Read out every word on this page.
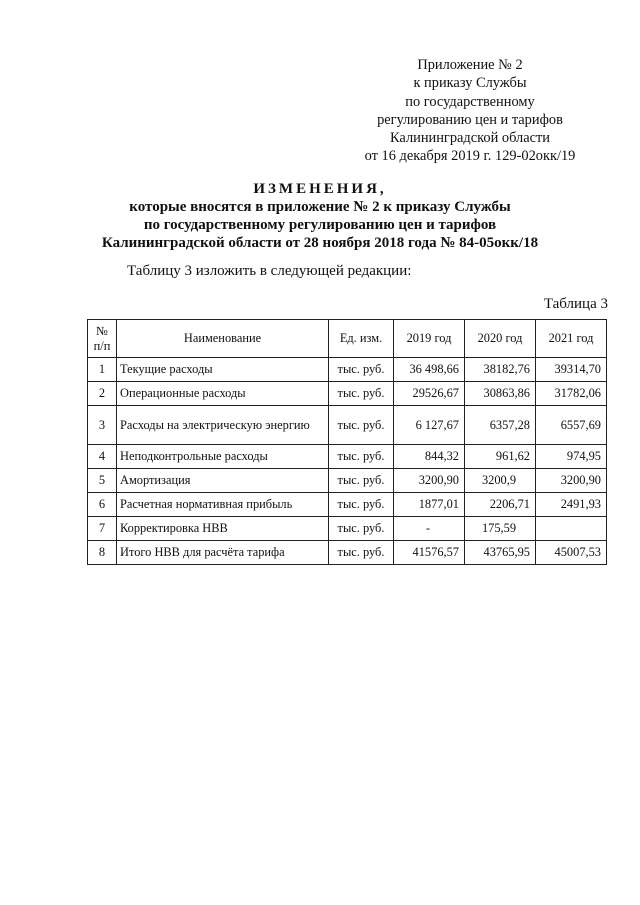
Приложение № 2
к приказу Службы
по государственному
регулированию цен и тарифов
Калининградской области
от 16 декабря 2019 г. 129-02окк/19
ИЗМЕНЕНИЯ,
которые вносятся в приложение № 2 к приказу Службы
по государственному регулированию цен и тарифов
Калининградской области от 28 ноября 2018 года № 84-05окк/18
Таблицу 3 изложить в следующей редакции:
Таблица 3
№ п/п	Наименование	Ед. изм.	2019 год	2020 год	2021 год
1	Текущие расходы	тыс. руб.	36 498,66	38182,76	39314,70
2	Операционные расходы	тыс. руб.	29526,67	30863,86	31782,06
3	Расходы на электрическую энергию	тыс. руб.	6 127,67	6357,28	6557,69
4	Неподконтрольные расходы	тыс. руб.	844,32	961,62	974,95
5	Амортизация	тыс. руб.	3200,90	3200,9	3200,90
6	Расчетная нормативная прибыль	тыс. руб.	1877,01	2206,71	2491,93
7	Корректировка НВВ	тыс. руб.	-	175,59	
8	Итого НВВ для расчёта тарифа	тыс. руб.	41576,57	43765,95	45007,53
